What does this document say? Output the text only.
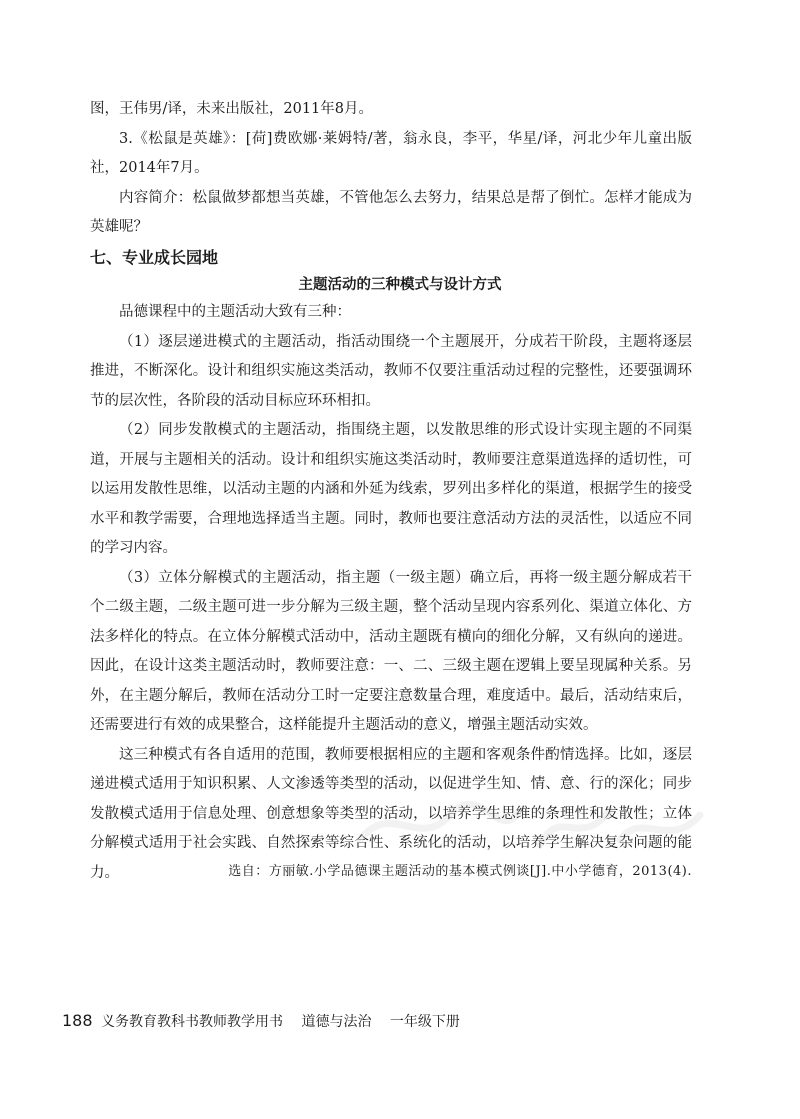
图，王伟男/译，未来出版社，2011年8月。

3.《松鼠是英雄》：[荷]费欧娜·莱姆特/著，翁永良，李平，华星/译，河北少年儿童出版社，2014年7月。

内容简介：松鼠做梦都想当英雄，不管他怎么去努力，结果总是帮了倒忙。怎样才能成为英雄呢？

七、专业成长园地
主题活动的三种模式与设计方式

品德课程中的主题活动大致有三种：

（1）逐层递进模式的主题活动，指活动围绕一个主题展开，分成若干阶段，主题将逐层推进，不断深化。设计和组织实施这类活动，教师不仅要注重活动过程的完整性，还要强调环节的层次性，各阶段的活动目标应环环相扣。

（2）同步发散模式的主题活动，指围绕主题，以发散思维的形式设计实现主题的不同渠道，开展与主题相关的活动。设计和组织实施这类活动时，教师要注意渠道选择的适切性，可以运用发散性思维，以活动主题的内涵和外延为线索，罗列出多样化的渠道，根据学生的接受水平和教学需要，合理地选择适当主题。同时，教师也要注意活动方法的灵活性，以适应不同的学习内容。

（3）立体分解模式的主题活动，指主题（一级主题）确立后，再将一级主题分解成若干个二级主题，二级主题可进一步分解为三级主题，整个活动呈现内容系列化、渠道立体化、方法多样化的特点。在立体分解模式活动中，活动主题既有横向的细化分解，又有纵向的递进。因此，在设计这类主题活动时，教师要注意：一、二、三级主题在逻辑上要呈现属种关系。另外，在主题分解后，教师在活动分工时一定要注意数量合理，难度适中。最后，活动结束后，还需要进行有效的成果整合，这样能提升主题活动的意义，增强主题活动实效。

这三种模式有各自适用的范围，教师要根据相应的主题和客观条件酌情选择。比如，逐层递进模式适用于知识积累、人文渗透等类型的活动，以促进学生知、情、意、行的深化；同步发散模式适用于信息处理、创意想象等类型的活动，以培养学生思维的条理性和发散性；立体分解模式适用于社会实践、自然探索等综合性、系统化的活动，以培养学生解决复杂问题的能力。	选自：方丽敏.小学品德课主题活动的基本模式例谈[J].中小学德育，2013(4).

188 义务教育教科书教师教学用书 道德与法治 一年级下册
